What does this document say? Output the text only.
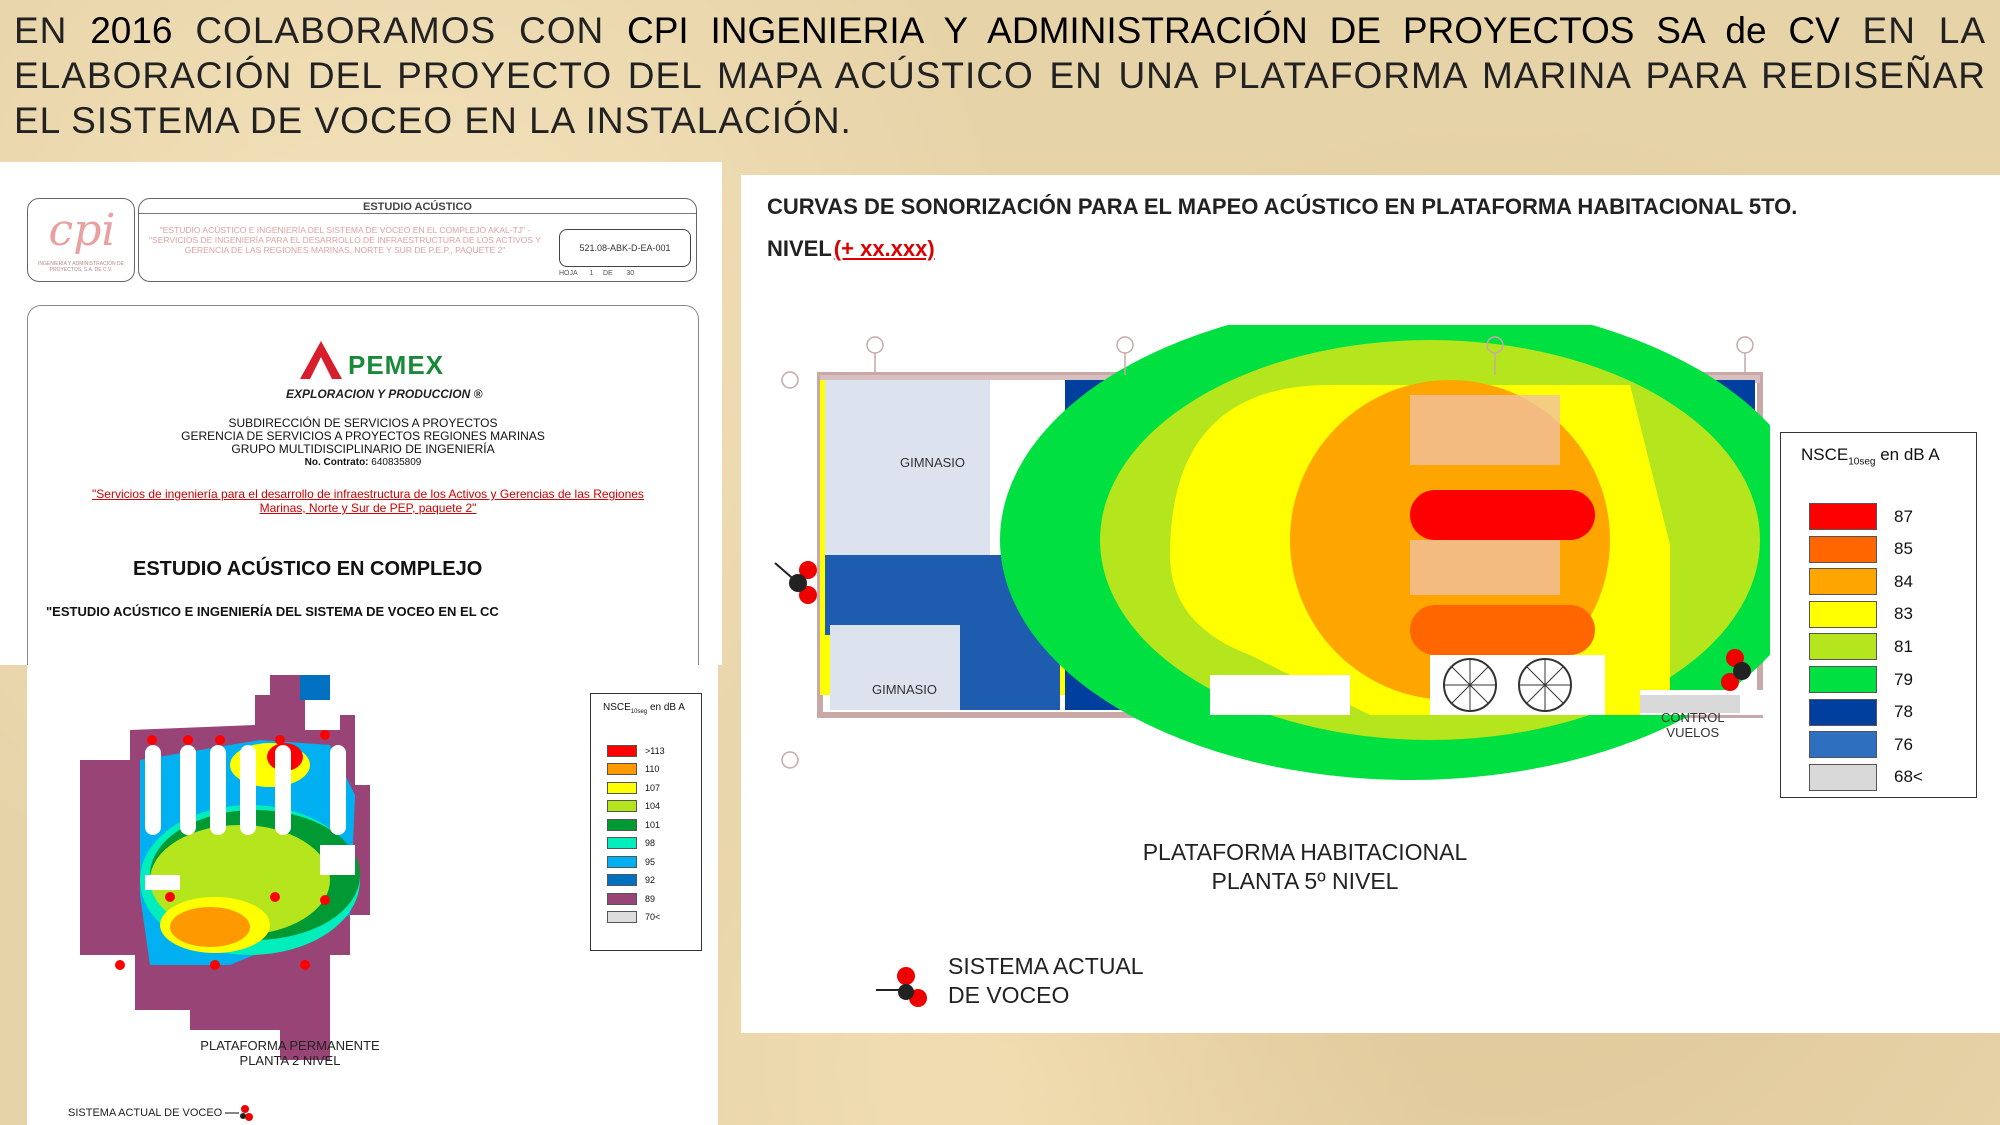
EN 2016 COLABORAMOS CON CPI INGENIERIA Y ADMINISTRACIÓN DE PROYECTOS SA de CV EN LA ELABORACIÓN DEL PROYECTO DEL MAPA ACÚSTICO EN UNA PLATAFORMA MARINA PARA REDISEÑAR EL SISTEMA DE VOCEO EN LA INSTALACIÓN.

cpi
INGENIERÍA Y ADMINISTRACIÓN DE PROYECTOS, S.A. DE C.V.
ESTUDIO ACÚSTICO
"ESTUDIO ACÚSTICO E INGENIERÍA DEL SISTEMA DE VOCEO EN EL COMPLEJO AKAL-TJ" - "SERVICIOS DE INGENIERÍA PARA EL DESARROLLO DE INFRAESTRUCTURA DE LOS ACTIVOS Y GERENCIA DE LAS REGIONES MARINAS, NORTE Y SUR DE P.E.P., PAQUETE 2"	521.08-ABK-D-EA-001
HOJA 1 DE 30
PEMEX
EXPLORACION Y PRODUCCION ®
SUBDIRECCIÓN DE SERVICIOS A PROYECTOS
GERENCIA DE SERVICIOS A PROYECTOS REGIONES MARINAS
GRUPO MULTIDISCIPLINARIO DE INGENIERÍA
No. Contrato: 640835809
"Servicios de ingeniería para el desarrollo de infraestructura de los Activos y Gerencias de las Regiones
Marinas, Norte y Sur de PEP, paquete 2"
ESTUDIO ACÚSTICO EN COMPLEJO
"ESTUDIO ACÚSTICO E INGENIERÍA DEL SISTEMA DE VOCEO EN EL CC
$NSCE_{10seg}$ en dB A
>113
110
107
104
101
98
95
92
89
70<
PLATAFORMA PERMANENTE
PLANTA 2 NIVEL
SISTEMA ACTUAL DE VOCEO
CURVAS DE SONORIZACIÓN PARA EL MAPEO ACÚSTICO EN PLATAFORMA HABITACIONAL 5TO.
NIVEL(+ xx.xxx)
GIMNASIO
GIMNASIO
CONTROL
VUELOS
$NSCE_{10seg}$ en dB A
87
85
84
83
81
79
78
76
68<
PLATAFORMA HABITACIONAL
PLANTA 5º NIVEL
SISTEMA ACTUAL
DE VOCEO
